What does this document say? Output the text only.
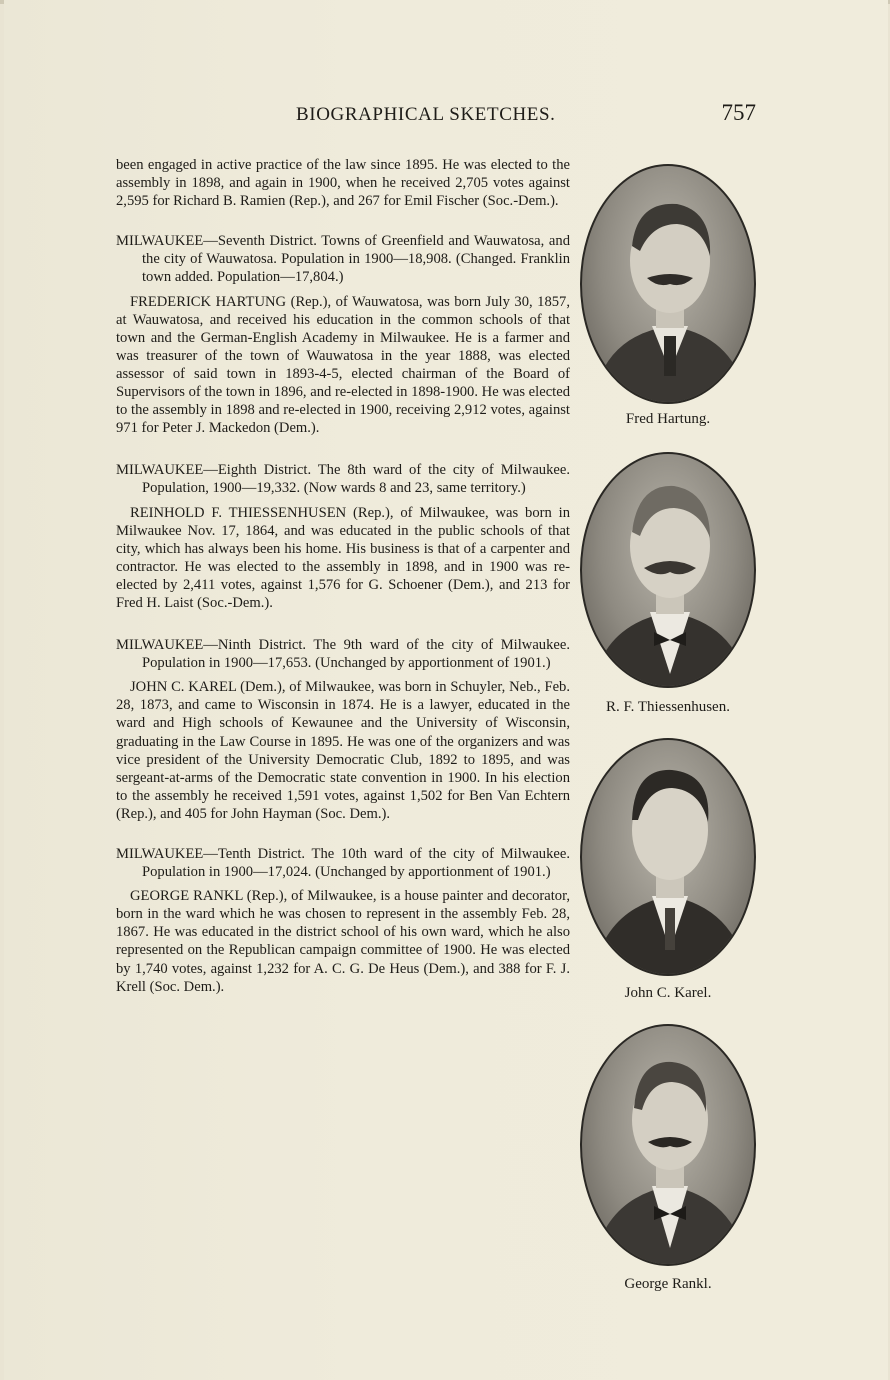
BIOGRAPHICAL SKETCHES.	757

been engaged in active practice of the law since 1895. He was elected to the assembly in 1898, and again in 1900, when he received 2,705 votes against 2,595 for Richard B. Ramien (Rep.), and 267 for Emil Fischer (Soc.-Dem.).

MILWAUKEE—Seventh District. Towns of Greenfield and Wauwatosa, and the city of Wauwatosa. Population in 1900—18,908. (Changed. Franklin town added. Population—17,804.)

FREDERICK HARTUNG (Rep.), of Wauwatosa, was born July 30, 1857, at Wauwatosa, and received his education in the common schools of that town and the German-English Academy in Milwaukee. He is a farmer and was treasurer of the town of Wauwatosa in the year 1888, was elected assessor of said town in 1893-4-5, elected chairman of the Board of Supervisors of the town in 1896, and re-elected in 1898-1900. He was elected to the assembly in 1898 and re-elected in 1900, receiving 2,912 votes, against 971 for Peter J. Mackedon (Dem.).

MILWAUKEE—Eighth District. The 8th ward of the city of Milwaukee. Population, 1900—19,332. (Now wards 8 and 23, same territory.)

REINHOLD F. THIESSENHUSEN (Rep.), of Milwaukee, was born in Milwaukee Nov. 17, 1864, and was educated in the public schools of that city, which has always been his home. His business is that of a carpenter and contractor. He was elected to the assembly in 1898, and in 1900 was re-elected by 2,411 votes, against 1,576 for G. Schoener (Dem.), and 213 for Fred H. Laist (Soc.-Dem.).

MILWAUKEE—Ninth District. The 9th ward of the city of Milwaukee. Population in 1900—17,653. (Unchanged by apportionment of 1901.)

JOHN C. KAREL (Dem.), of Milwaukee, was born in Schuyler, Neb., Feb. 28, 1873, and came to Wisconsin in 1874. He is a lawyer, educated in the ward and High schools of Kewaunee and the University of Wisconsin, graduating in the Law Course in 1895. He was one of the organizers and was vice president of the University Democratic Club, 1892 to 1895, and was sergeant-at-arms of the Democratic state convention in 1900. In his election to the assembly he received 1,591 votes, against 1,502 for Ben Van Echtern (Rep.), and 405 for John Hayman (Soc. Dem.).

MILWAUKEE—Tenth District. The 10th ward of the city of Milwaukee. Population in 1900—17,024. (Unchanged by apportionment of 1901.)

GEORGE RANKL (Rep.), of Milwaukee, is a house painter and decorator, born in the ward which he was chosen to represent in the assembly Feb. 28, 1867. He was educated in the district school of his own ward, which he also represented on the Republican campaign committee of 1900. He was elected by 1,740 votes, against 1,232 for A. C. G. De Heus (Dem.), and 388 for F. J. Krell (Soc. Dem.).

Fred Hartung.
R. F. Thiessenhusen.
John C. Karel.
George Rankl.
